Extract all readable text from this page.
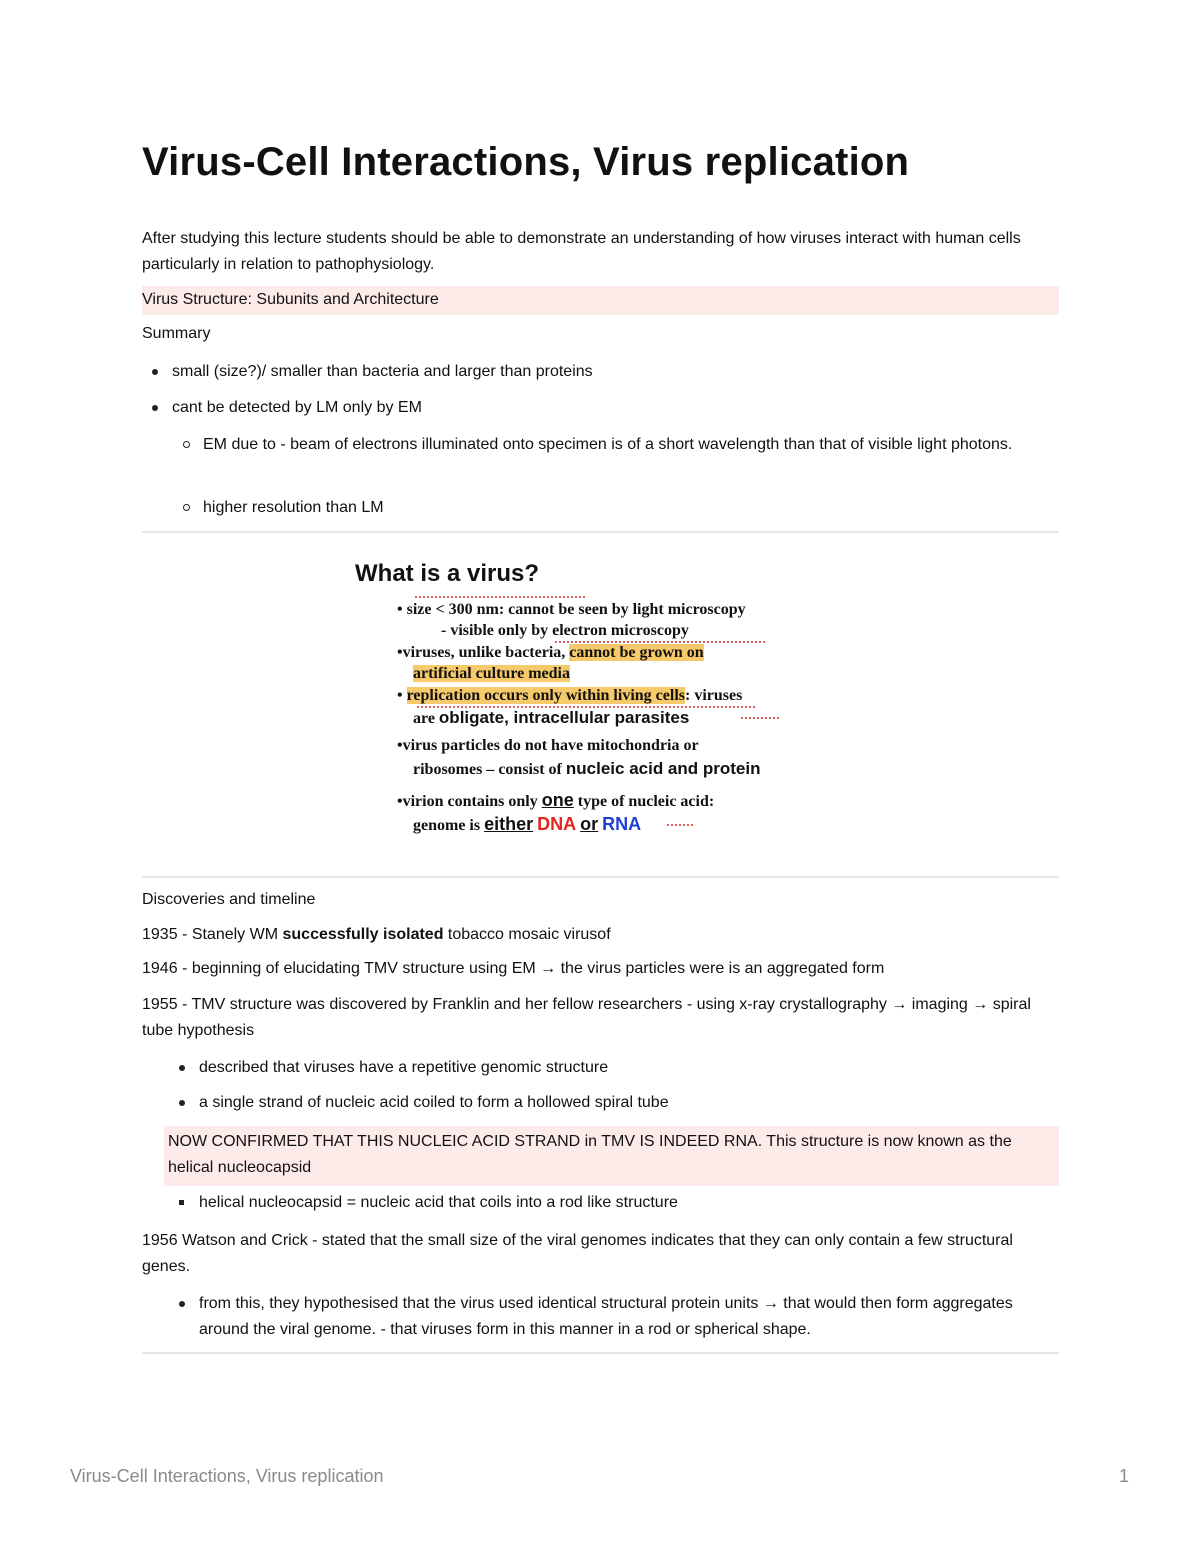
Virus-Cell Interactions, Virus replication
After studying this lecture students should be able to demonstrate an understanding of how viruses interact with human cells particularly in relation to pathophysiology.
Virus Structure: Subunits and Architecture
Summary
small (size?)/ smaller than bacteria and larger than proteins
cant be detected by LM only by EM
EM due to - beam of electrons illuminated onto specimen is of a short wavelength than that of visible light photons.
higher resolution than LM
Discoveries and timeline
1935 - Stanely WM successfully isolated tobacco mosaic virusof
1946 - beginning of elucidating TMV structure using EM → the virus particles were is an aggregated form
1955 - TMV structure was discovered by Franklin and her fellow researchers - using x-ray crystallography → imaging → spiral tube hypothesis
described that viruses have a repetitive genomic structure
a single strand of nucleic acid coiled to form a hollowed spiral tube
NOW CONFIRMED THAT THIS NUCLEIC ACID STRAND in TMV IS INDEED RNA. This structure is now known as the helical nucleocapsid
helical nucleocapsid = nucleic acid that coils into a rod like structure
1956 Watson and Crick - stated that the small size of the viral genomes indicates that they can only contain a few structural genes.
from this, they hypothesised that the virus used identical structural protein units → that would then form aggregates around the viral genome. - that viruses form in this manner in a rod or spherical shape.
What is a virus?
• size < 300 nm: cannot be seen by light microscopy
- visible only by electron microscopy
•viruses, unlike bacteria, cannot be grown on
artificial culture media
• replication occurs only within living cells: viruses
are obligate, intracellular parasites
•virus particles do not have mitochondria or
ribosomes – consist of nucleic acid and protein
•virion contains only one type of nucleic acid:
genome is either DNA or RNA
Virus-Cell Interactions, Virus replication	1
